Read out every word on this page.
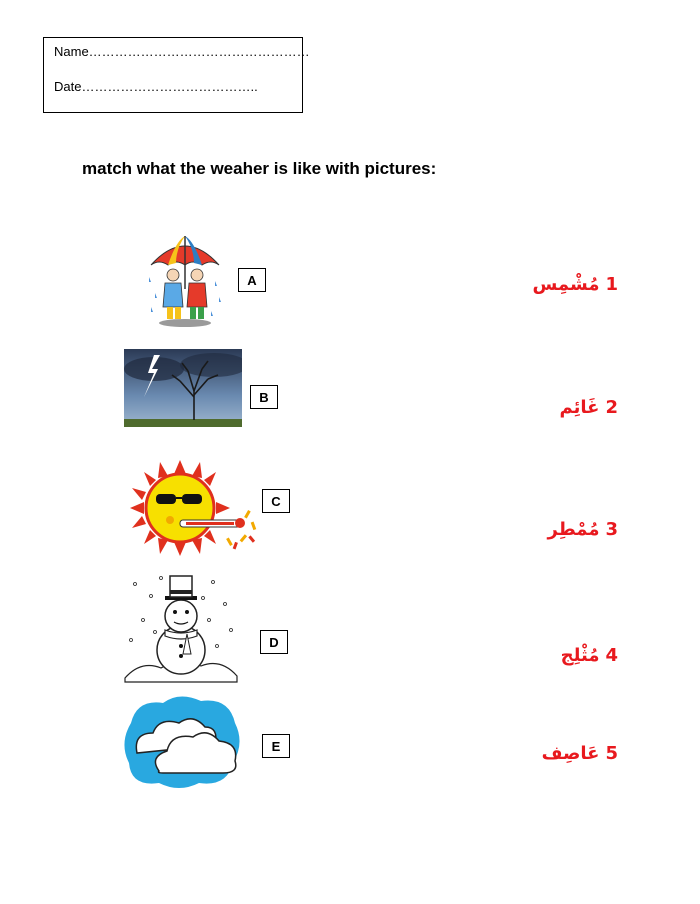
Name……………………………………………
Date…………………………………..
match what the weaher is like with pictures:
A
B
C
D
E
مُشْمِس 1
غَائِم 2
مُمْطِر 3
مُثْلِج 4
عَاصِف 5
